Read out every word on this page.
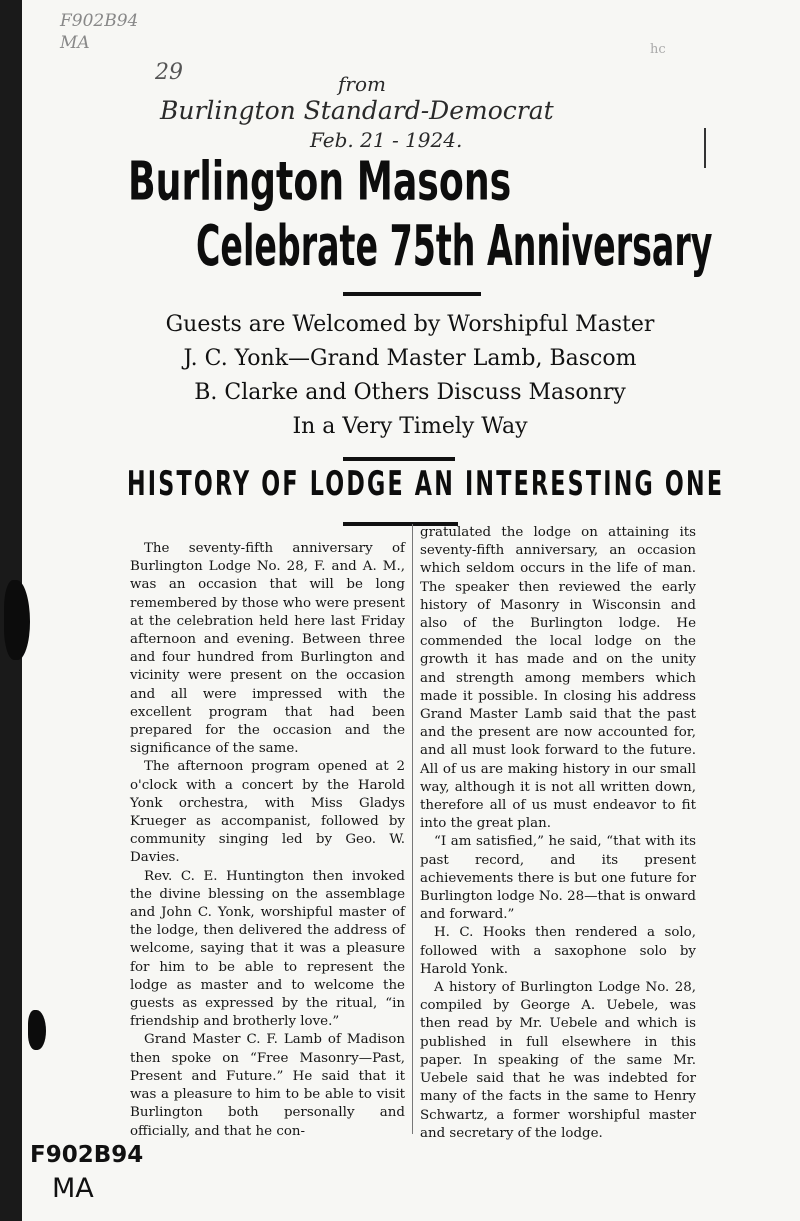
F902B94
MA
29
hc
from
Burlington Standard-Democrat
Feb. 21 - 1924.
Burlington Masons
Celebrate 75th Anniversary
Guests are Welcomed by Worshipful Master
J. C. Yonk—Grand Master Lamb, Bascom
B. Clarke and Others Discuss Masonry
In a Very Timely Way
HISTORY OF LODGE AN INTERESTING ONE

The seventy-fifth anniversary of Burlington Lodge No. 28, F. and A. M., was an occasion that will be long remembered by those who were present at the celebration held here last Friday afternoon and evening. Between three and four hundred from Burlington and vicinity were present on the occasion and all were impressed with the excellent program that had been prepared for the occasion and the significance of the same.

The afternoon program opened at 2 o'clock with a concert by the Harold Yonk orchestra, with Miss Gladys Krueger as accompanist, followed by community singing led by Geo. W. Davies.

Rev. C. E. Huntington then invoked the divine blessing on the assemblage and John C. Yonk, worshipful master of the lodge, then delivered the address of welcome, saying that it was a pleasure for him to be able to represent the lodge as master and to welcome the guests as expressed by the ritual, “in friendship and brotherly love.”

Grand Master C. F. Lamb of Madison then spoke on “Free Masonry—Past, Present and Future.” He said that it was a pleasure to him to be able to visit Burlington both personally and officially, and that he con-

gratulated the lodge on attaining its seventy-fifth anniversary, an occasion which seldom occurs in the life of man. The speaker then reviewed the early history of Masonry in Wisconsin and also of the Burlington lodge. He commended the local lodge on the growth it has made and on the unity and strength among members which made it possible. In closing his address Grand Master Lamb said that the past and the present are now accounted for, and all must look forward to the future. All of us are making history in our small way, although it is not all written down, therefore all of us must endeavor to fit into the great plan.

“I am satisfied,” he said, “that with its past record, and its present achievements there is but one future for Burlington lodge No. 28—that is onward and forward.”

H. C. Hooks then rendered a solo, followed with a saxophone solo by Harold Yonk.

A history of Burlington Lodge No. 28, compiled by George A. Uebele, was then read by Mr. Uebele and which is published in full elsewhere in this paper. In speaking of the same Mr. Uebele said that he was indebted for many of the facts in the same to Henry Schwartz, a former worshipful master and secretary of the lodge.

F902B94
MA
